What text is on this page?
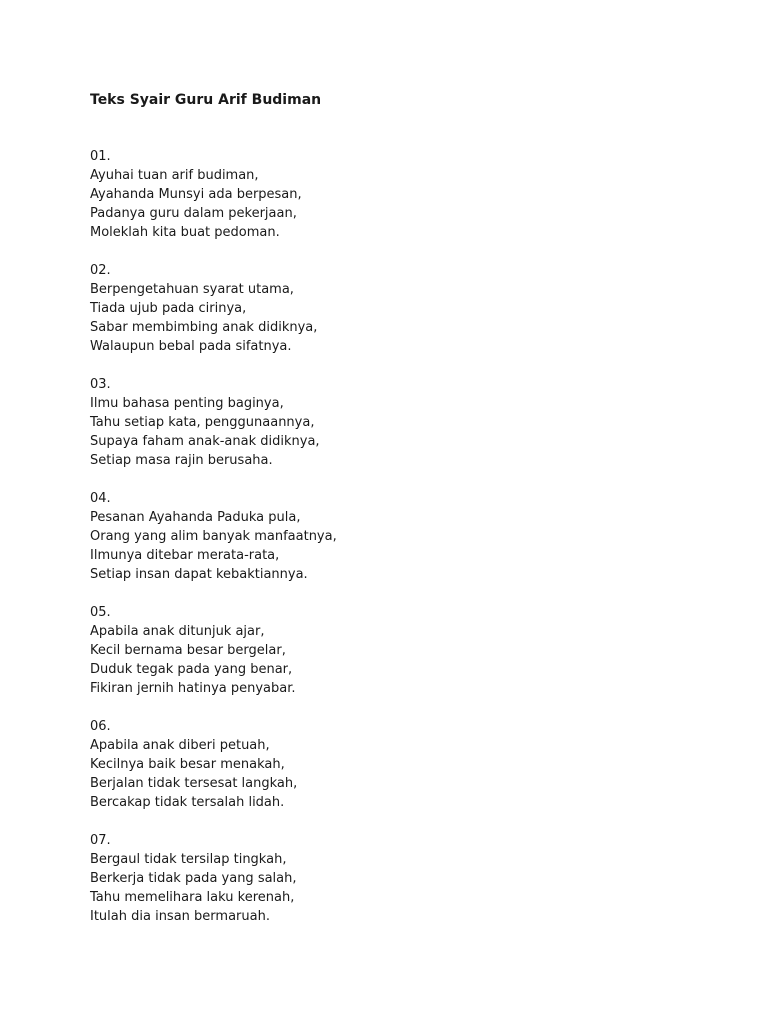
Teks Syair Guru Arif Budiman
01.
Ayuhai tuan arif budiman,
Ayahanda Munsyi ada berpesan,
Padanya guru dalam pekerjaan,
Moleklah kita buat pedoman.
02.
Berpengetahuan syarat utama,
Tiada ujub pada cirinya,
Sabar membimbing anak didiknya,
Walaupun bebal pada sifatnya.
03.
Ilmu bahasa penting baginya,
Tahu setiap kata, penggunaannya,
Supaya faham anak-anak didiknya,
Setiap masa rajin berusaha.
04.
Pesanan Ayahanda Paduka pula,
Orang yang alim banyak manfaatnya,
Ilmunya ditebar merata-rata,
Setiap insan dapat kebaktiannya.
05.
Apabila anak ditunjuk ajar,
Kecil bernama besar bergelar,
Duduk tegak pada yang benar,
Fikiran jernih hatinya penyabar.
06.
Apabila anak diberi petuah,
Kecilnya baik besar menakah,
Berjalan tidak tersesat langkah,
Bercakap tidak tersalah lidah.
07.
Bergaul tidak tersilap tingkah,
Berkerja tidak pada yang salah,
Tahu memelihara laku kerenah,
Itulah dia insan bermaruah.
